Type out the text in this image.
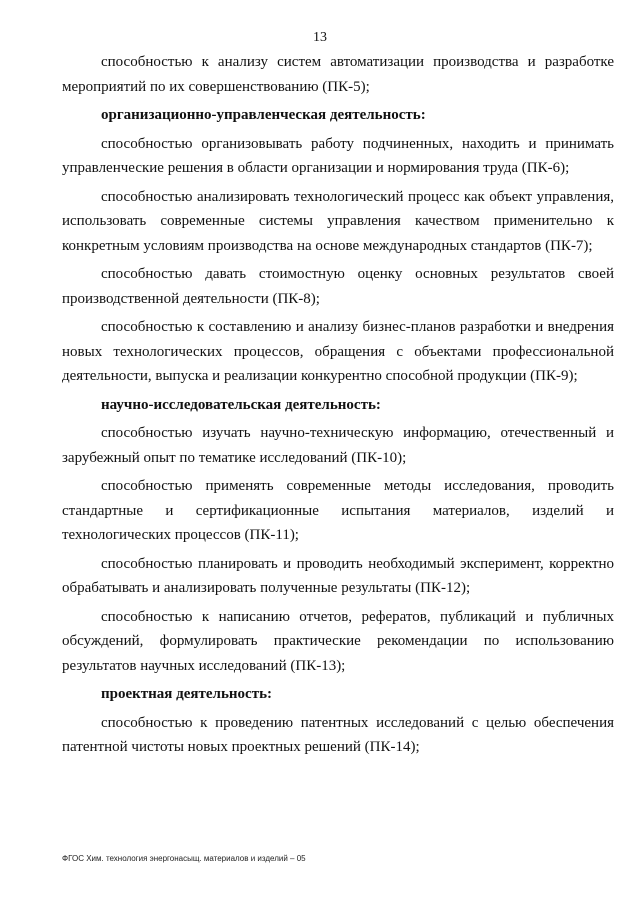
13

способностью к анализу систем автоматизации производства и разработке мероприятий по их совершенствованию (ПК-5);

организационно-управленческая деятельность:

способностью организовывать работу подчиненных, находить и принимать управленческие решения в области организации и нормирования труда (ПК-6);

способностью анализировать технологический процесс как объект управления, использовать современные системы управления качеством применительно к конкретным условиям производства на основе международных стандартов (ПК-7);

способностью давать стоимостную оценку основных результатов своей производственной деятельности (ПК-8);

способностью к составлению и анализу бизнес-планов разработки и внедрения новых технологических процессов, обращения с объектами профессиональной деятельности, выпуска и реализации конкурентно способной продукции (ПК-9);

научно-исследовательская деятельность:

способностью изучать научно-техническую информацию, отечественный и зарубежный опыт по тематике исследований (ПК-10);

способностью применять современные методы исследования, проводить стандартные и сертификационные испытания материалов, изделий и технологических процессов (ПК-11);

способностью планировать и проводить необходимый эксперимент, корректно обрабатывать и анализировать полученные результаты (ПК-12);

способностью к написанию отчетов, рефератов, публикаций и публичных обсуждений, формулировать практические рекомендации по использованию результатов научных исследований (ПК-13);

проектная деятельность:

способностью к проведению патентных исследований с целью обеспечения патентной чистоты новых проектных решений (ПК-14);

ФГОС Хим. технология энергонасыщ. материалов и изделий – 05
